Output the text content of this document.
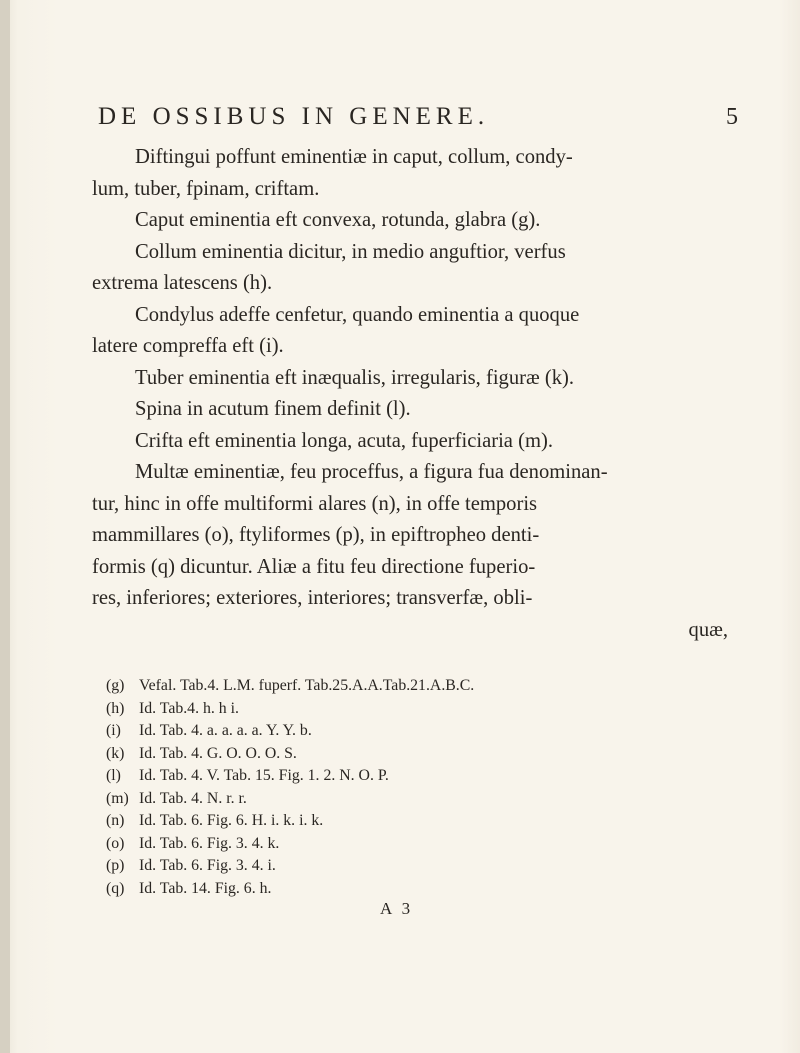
DE OSSIBUS IN GENERE.	5

Diftingui poffunt eminentiæ in caput, collum, condy-

lum, tuber, fpinam, criftam.

Caput eminentia eft convexa, rotunda, glabra (g).

Collum eminentia dicitur, in medio anguftior, verfus

extrema latescens (h).

Condylus adeffe cenfetur, quando eminentia a quoque

latere compreffa eft (i).

Tuber eminentia eft inæqualis, irregularis, figuræ (k).

Spina in acutum finem definit (l).

Crifta eft eminentia longa, acuta, fuperficiaria (m).

Multæ eminentiæ, feu proceffus, a figura fua denominan-

tur, hinc in offe multiformi alares (n), in offe temporis

mammillares (o), ftyliformes (p), in epiftropheo denti-

formis (q) dicuntur. Aliæ a fitu feu directione fuperio-

res, inferiores; exteriores, interiores; transverfæ, obli-

quæ,

(g) Vefal. Tab.4. L.M. fuperf. Tab.25.A.A.Tab.21.A.B.C.
(h) Id. Tab.4. h. h i.
(i) Id. Tab. 4. a. a. a. a. Y. Y. b.
(k) Id. Tab. 4. G. O. O. O. S.
(l) Id. Tab. 4. V. Tab. 15. Fig. 1. 2. N. O. P.
(m) Id. Tab. 4. N. r. r.
(n) Id. Tab. 6. Fig. 6. H. i. k. i. k.
(o) Id. Tab. 6. Fig. 3. 4. k.
(p) Id. Tab. 6. Fig. 3. 4. i.
(q) Id. Tab. 14. Fig. 6. h.
A 3
